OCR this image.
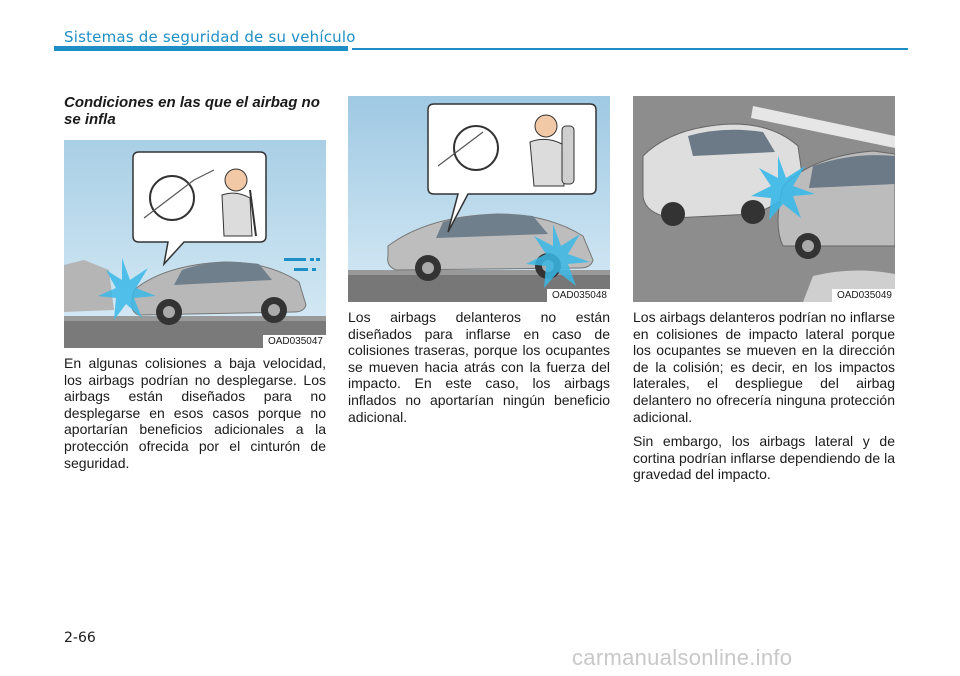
Sistemas de seguridad de su vehículo
Condiciones en las que el airbag no se infla
OAD035047
OAD035048	OAD035049

En algunas colisiones a baja velocidad, los airbags podrían no desplegarse. Los airbags están diseñados para no desplegarse en esos casos porque no aportarían beneficios adicionales a la protección ofrecida por el cinturón de seguridad.

Los airbags delanteros no están diseñados para inflarse en caso de colisiones traseras, porque los ocupantes se mueven hacia atrás con la fuerza del impacto. En este caso, los airbags inflados no aportarían ningún beneficio adicional.

Los airbags delanteros podrían no inflarse en colisiones de impacto lateral porque los ocupantes se mueven en la dirección de la colisión; es decir, en los impactos laterales, el despliegue del airbag delantero no ofrecería ninguna protección adicional.

Sin embargo, los airbags lateral y de cortina podrían inflarse dependiendo de la gravedad del impacto.

2-66
carmanualsonline.info
